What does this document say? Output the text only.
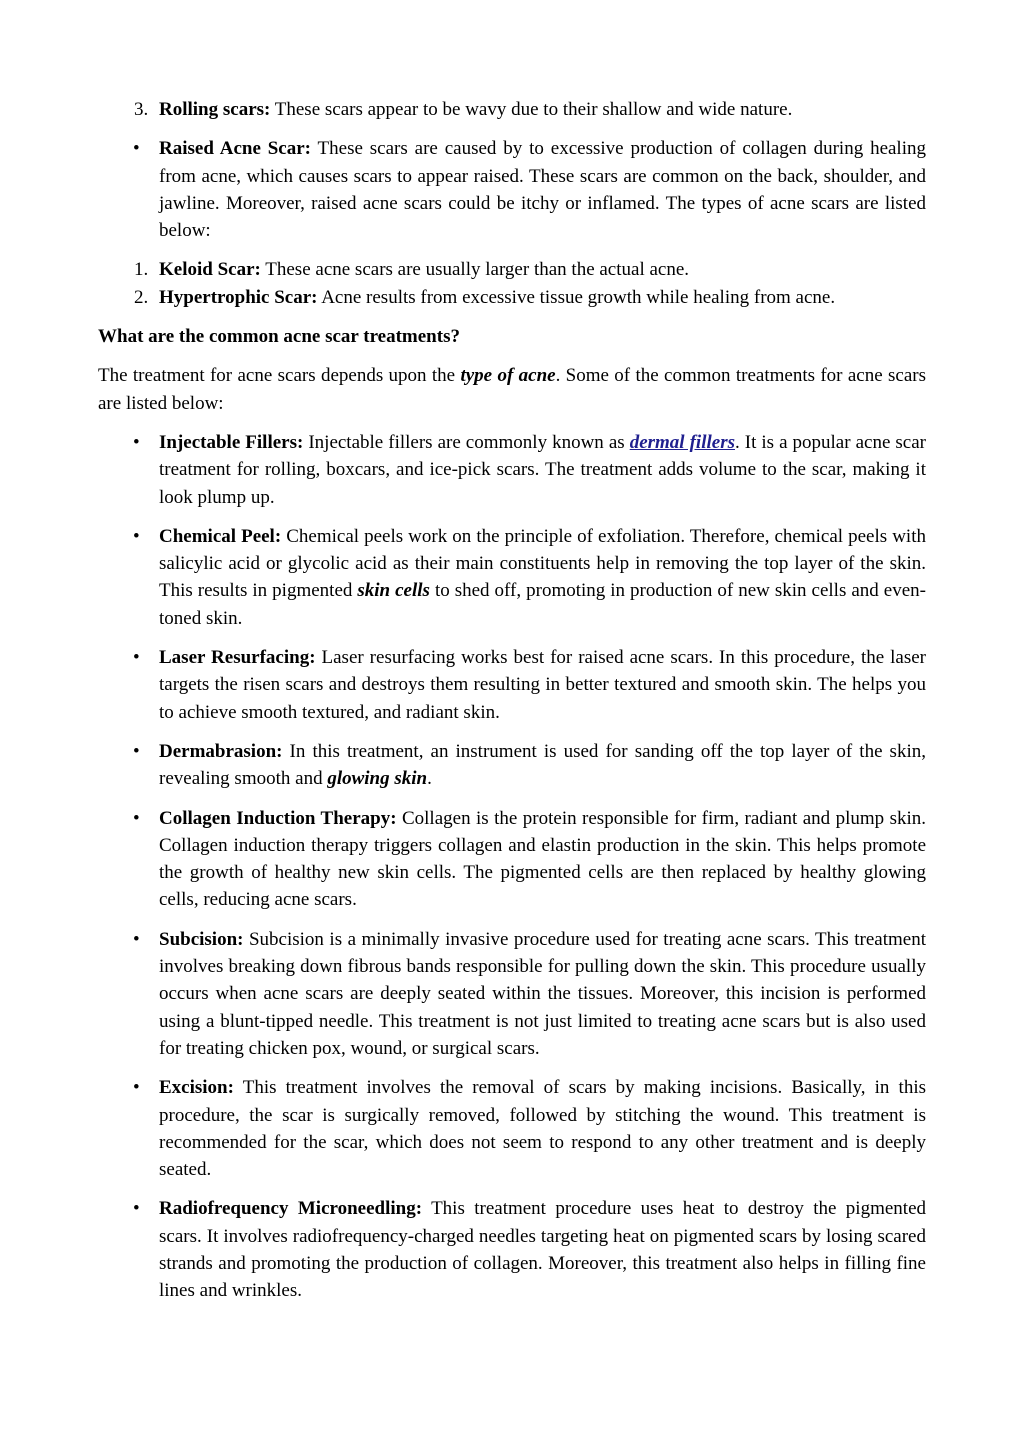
3. Rolling scars: These scars appear to be wavy due to their shallow and wide nature.
• Raised Acne Scar: These scars are caused by to excessive production of collagen during healing from acne, which causes scars to appear raised. These scars are common on the back, shoulder, and jawline. Moreover, raised acne scars could be itchy or inflamed. The types of acne scars are listed below:
1. Keloid Scar: These acne scars are usually larger than the actual acne.
2. Hypertrophic Scar: Acne results from excessive tissue growth while healing from acne.
What are the common acne scar treatments?
The treatment for acne scars depends upon the type of acne. Some of the common treatments for acne scars are listed below:
• Injectable Fillers: Injectable fillers are commonly known as dermal fillers. It is a popular acne scar treatment for rolling, boxcars, and ice-pick scars. The treatment adds volume to the scar, making it look plump up.
• Chemical Peel: Chemical peels work on the principle of exfoliation. Therefore, chemical peels with salicylic acid or glycolic acid as their main constituents help in removing the top layer of the skin. This results in pigmented skin cells to shed off, promoting in production of new skin cells and even-toned skin.
• Laser Resurfacing: Laser resurfacing works best for raised acne scars. In this procedure, the laser targets the risen scars and destroys them resulting in better textured and smooth skin. The helps you to achieve smooth textured, and radiant skin.
• Dermabrasion: In this treatment, an instrument is used for sanding off the top layer of the skin, revealing smooth and glowing skin.
• Collagen Induction Therapy: Collagen is the protein responsible for firm, radiant and plump skin. Collagen induction therapy triggers collagen and elastin production in the skin. This helps promote the growth of healthy new skin cells. The pigmented cells are then replaced by healthy glowing cells, reducing acne scars.
• Subcision: Subcision is a minimally invasive procedure used for treating acne scars. This treatment involves breaking down fibrous bands responsible for pulling down the skin. This procedure usually occurs when acne scars are deeply seated within the tissues. Moreover, this incision is performed using a blunt-tipped needle. This treatment is not just limited to treating acne scars but is also used for treating chicken pox, wound, or surgical scars.
• Excision: This treatment involves the removal of scars by making incisions. Basically, in this procedure, the scar is surgically removed, followed by stitching the wound. This treatment is recommended for the scar, which does not seem to respond to any other treatment and is deeply seated.
• Radiofrequency Microneedling: This treatment procedure uses heat to destroy the pigmented scars. It involves radiofrequency-charged needles targeting heat on pigmented scars by losing scared strands and promoting the production of collagen. Moreover, this treatment also helps in filling fine lines and wrinkles.
